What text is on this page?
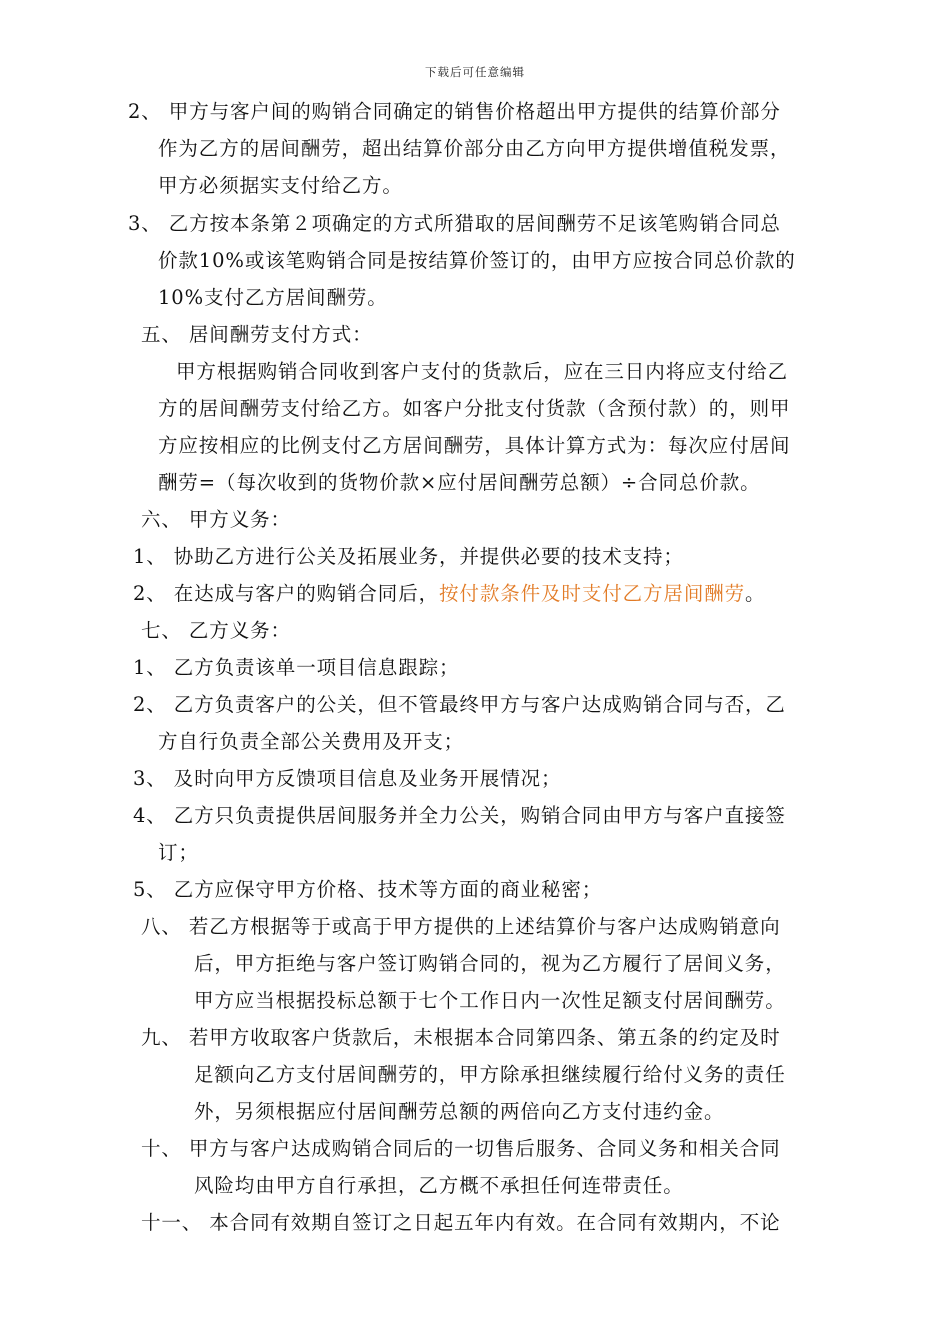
下载后可任意编辑
2、 甲方与客户间的购销合同确定的销售价格超出甲方提供的结算价部分
作为乙方的居间酬劳，超出结算价部分由乙方向甲方提供增值税发票，
甲方必须据实支付给乙方。
3、 乙方按本条第２项确定的方式所猎取的居间酬劳不足该笔购销合同总
价款10%或该笔购销合同是按结算价签订的，由甲方应按合同总价款的
10%支付乙方居间酬劳。
五、 居间酬劳支付方式：
甲方根据购销合同收到客户支付的货款后，应在三日内将应支付给乙
方的居间酬劳支付给乙方。如客户分批支付货款（含预付款）的，则甲
方应按相应的比例支付乙方居间酬劳，具体计算方式为：每次应付居间
酬劳=（每次收到的货物价款×应付居间酬劳总额）÷合同总价款。
六、 甲方义务：
1、 协助乙方进行公关及拓展业务，并提供必要的技术支持；
2、 在达成与客户的购销合同后，按付款条件及时支付乙方居间酬劳。
七、 乙方义务：
1、 乙方负责该单一项目信息跟踪；
2、 乙方负责客户的公关，但不管最终甲方与客户达成购销合同与否，乙
方自行负责全部公关费用及开支；
3、 及时向甲方反馈项目信息及业务开展情况；
4、 乙方只负责提供居间服务并全力公关，购销合同由甲方与客户直接签
订；
5、 乙方应保守甲方价格、技术等方面的商业秘密；
八、 若乙方根据等于或高于甲方提供的上述结算价与客户达成购销意向
后，甲方拒绝与客户签订购销合同的，视为乙方履行了居间义务，
甲方应当根据投标总额于七个工作日内一次性足额支付居间酬劳。
九、 若甲方收取客户货款后，未根据本合同第四条、第五条的约定及时
足额向乙方支付居间酬劳的，甲方除承担继续履行给付义务的责任
外，另须根据应付居间酬劳总额的两倍向乙方支付违约金。
十、 甲方与客户达成购销合同后的一切售后服务、合同义务和相关合同
风险均由甲方自行承担，乙方概不承担任何连带责任。
十一、 本合同有效期自签订之日起五年内有效。在合同有效期内，不论
